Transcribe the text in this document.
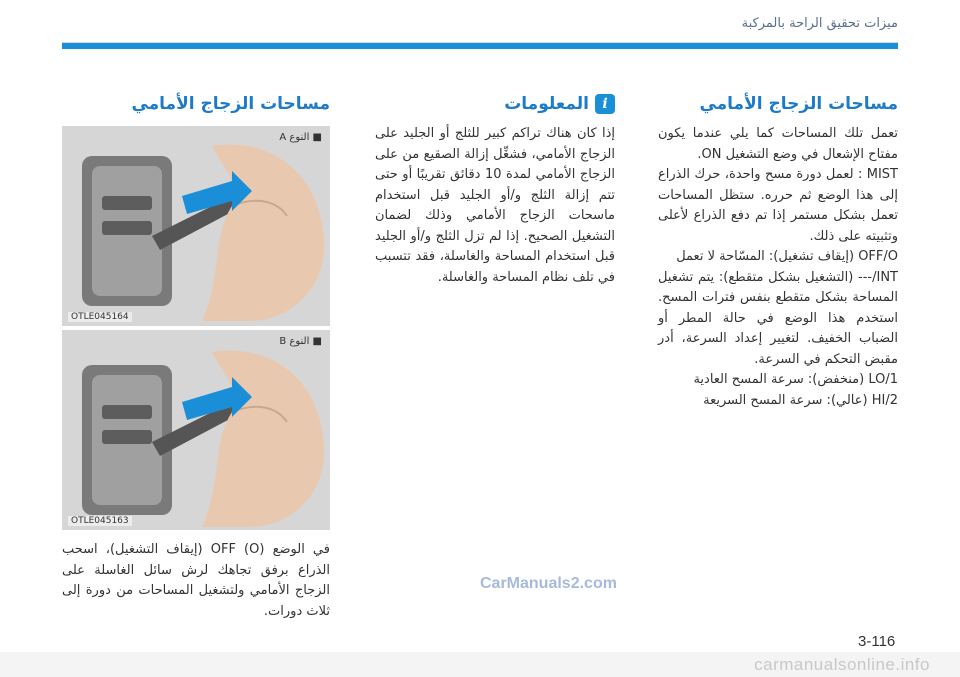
ميزات تحقيق الراحة بالمركبة
مساحات الزجاج الأمامي

تعمل تلك المساحات كما يلي عندما يكون مفتاح الإشعال في وضع التشغيل ON.

MIST : لعمل دورة مسح واحدة، حرك الذراع إلى هذا الوضع ثم حرره. ستظل المساحات تعمل بشكل مستمر إذا تم دفع الذراع لأعلى وتثبيته على ذلك.

OFF/O (إيقاف تشغيل): المسّاحة لا تعمل

INT/--- (التشغيل بشكل متقطع): يتم تشغيل المساحة بشكل متقطع بنفس فترات المسح. استخدم هذا الوضع في حالة المطر أو الضباب الخفيف. لتغيير إعداد السرعة، أدر مقبض التحكم في السرعة.

LO/1 (منخفض): سرعة المسح العادية

HI/2 (عالي): سرعة المسح السريعة

i
المعلومات

إذا كان هناك تراكم كبير للثلج أو الجليد على الزجاج الأمامي، فشغِّل إزالة الصقيع من على الزجاج الأمامي لمدة 10 دقائق تقريبًا أو حتى تتم إزالة الثلج و/أو الجليد قبل استخدام ماسحات الزجاج الأمامي وذلك لضمان التشغيل الصحيح. إذا لم تزل الثلج و/أو الجليد قبل استخدام المساحة والغاسلة، فقد تتسبب في تلف نظام المساحة والغاسلة.

مساحات الزجاج الأمامي
■ النوع A
OTLE045164
■ النوع B
OTLE045163

في الوضع (O) OFF (إيقاف التشغيل)، اسحب الذراع برفق تجاهك لرش سائل الغاسلة على الزجاج الأمامي ولتشغيل المساحات من دورة إلى ثلاث دورات.

CarManuals2.com
3-116
carmanualsonline.info
